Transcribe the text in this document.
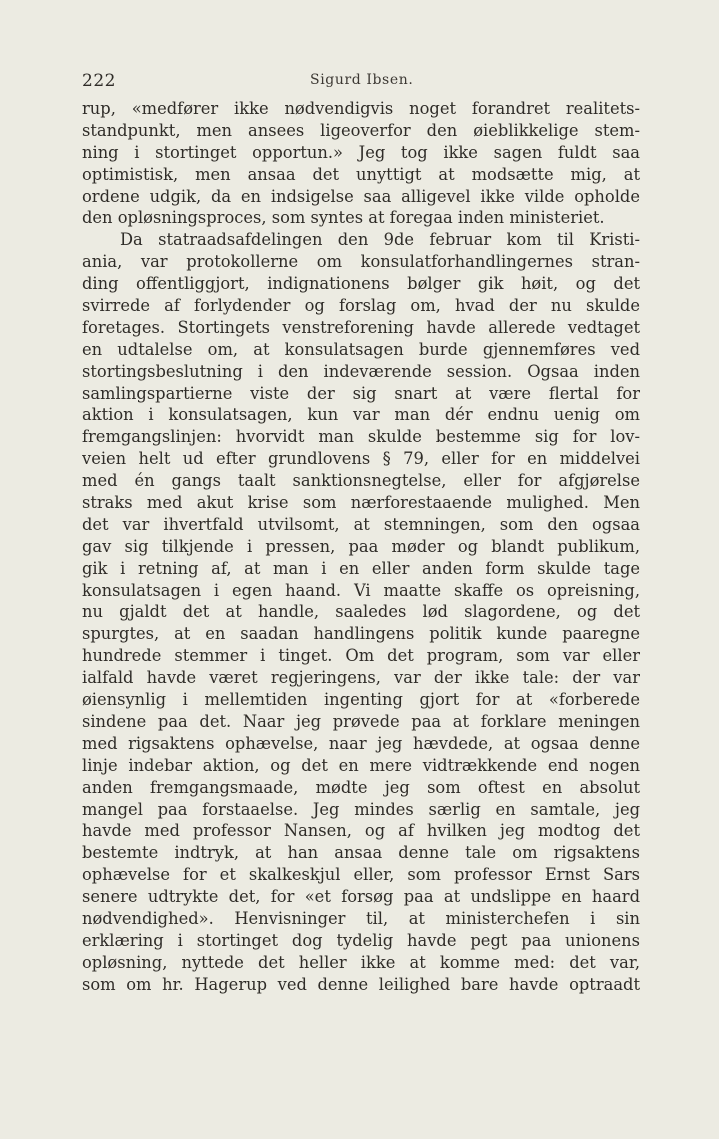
222	Sigurd Ibsen.
rup, «medfører ikke nødvendigvis noget forandret realitets-
standpunkt, men ansees ligeoverfor den øieblikkelige stem-
ning i stortinget opportun.» Jeg tog ikke sagen fuldt saa
optimistisk, men ansaa det unyttigt at modsætte mig, at
ordene udgik, da en indsigelse saa alligevel ikke vilde opholde
den opløsningsproces, som syntes at foregaa inden ministeriet.
Da statraadsafdelingen den 9de februar kom til Kristi-
ania, var protokollerne om konsulatforhandlingernes stran-
ding offentliggjort, indignationens bølger gik høit, og det
svirrede af forlydender og forslag om, hvad der nu skulde
foretages. Stortingets venstreforening havde allerede vedtaget
en udtalelse om, at konsulatsagen burde gjennemføres ved
stortingsbeslutning i den indeværende session. Ogsaa inden
samlingspartierne viste der sig snart at være flertal for
aktion i konsulatsagen, kun var man dér endnu uenig om
fremgangslinjen: hvorvidt man skulde bestemme sig for lov-
veien helt ud efter grundlovens § 79, eller for en middelvei
med én gangs taalt sanktionsnegtelse, eller for afgjørelse
straks med akut krise som nærforestaaende mulighed. Men
det var ihvertfald utvilsomt, at stemningen, som den ogsaa
gav sig tilkjende i pressen, paa møder og blandt publikum,
gik i retning af, at man i en eller anden form skulde tage
konsulatsagen i egen haand. Vi maatte skaffe os opreisning,
nu gjaldt det at handle, saaledes lød slagordene, og det
spurgtes, at en saadan handlingens politik kunde paaregne
hundrede stemmer i tinget. Om det program, som var eller
ialfald havde været regjeringens, var der ikke tale: der var
øiensynlig i mellemtiden ingenting gjort for at «forberede
sindene paa det. Naar jeg prøvede paa at forklare meningen
med rigsaktens ophævelse, naar jeg hævdede, at ogsaa denne
linje indebar aktion, og det en mere vidtrækkende end nogen
anden fremgangsmaade, mødte jeg som oftest en absolut
mangel paa forstaaelse. Jeg mindes særlig en samtale, jeg
havde med professor Nansen, og af hvilken jeg modtog det
bestemte indtryk, at han ansaa denne tale om rigsaktens
ophævelse for et skalkeskjul eller, som professor Ernst Sars
senere udtrykte det, for «et forsøg paa at undslippe en haard
nødvendighed». Henvisninger til, at ministerchefen i sin
erklæring i stortinget dog tydelig havde pegt paa unionens
opløsning, nyttede det heller ikke at komme med: det var,
som om hr. Hagerup ved denne leilighed bare havde optraadt
